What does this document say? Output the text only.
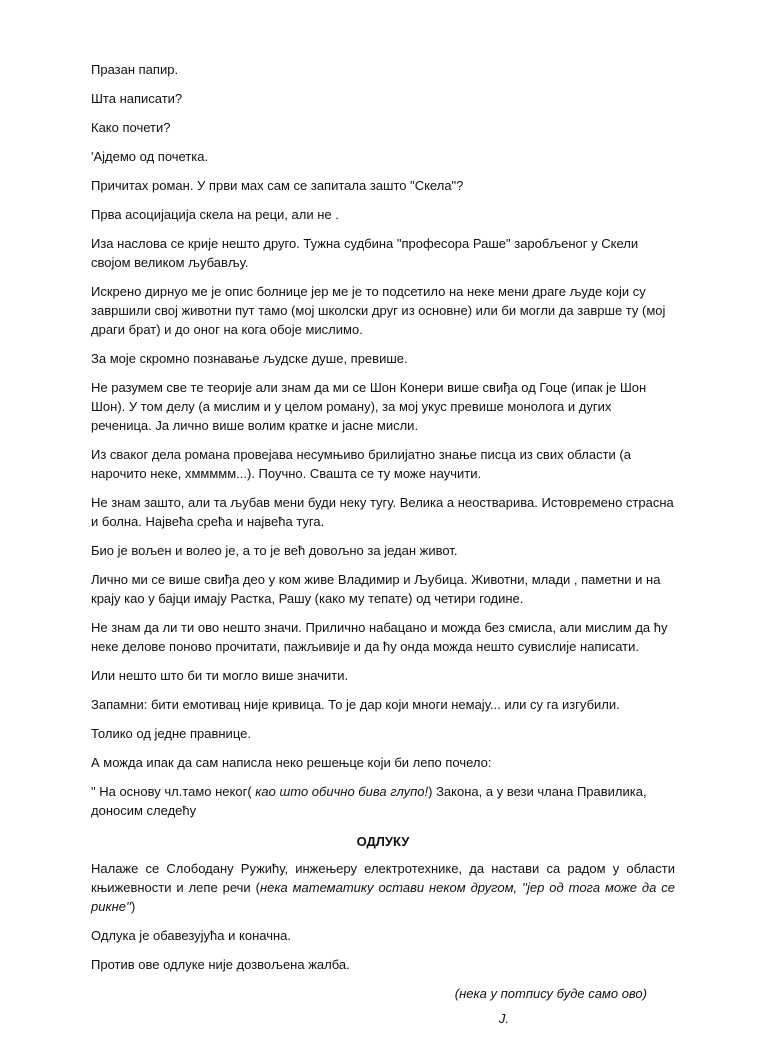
Празан папир.

Шта написати?

Како почети?

'Ајдемо од почетка.

Причитах роман. У први мах сам се запитала зашто "Скела"?

Прва асоцијација скела на реци, али не .

Иза наслова се крије нешто друго. Тужна судбина "професора Раше" заробљеног у Скели својом великом љубављу.

Искрено дирнуо ме је опис болнице јер ме је то подсетило на неке мени драге људе који су завршили свој животни пут тамо (мој школски друг из основне) или би могли да заврше ту (мој драги брат) и до оног на кога обоје мислимо.

За моје скромно познавање људске душе, превише.

Не разумем све те теорије али знам да ми се Шон Конери више свиђа од Гоце (ипак је Шон Шон). У том делу (а мислим и у целом роману), за мој укус превише монолога и дугих реченица. Ја лично више волим кратке и јасне мисли.

Из сваког дела романа провејава несумњиво брилијатно знање писца из свих области (а нарочито неке, хммммм...). Поучно. Свашта се ту може научити.

Не знам зашто, али та љубав мени буди неку тугу. Велика а неостварива. Истовремено страсна и болна. Највећа срећа и највећа туга.

Био је вољен и волео је, а то је већ довољно за један живот.

Лично ми се више свиђа део у ком живе Владимир и Љубица. Животни, млади , паметни и на крају као у бајци имају Растка, Рашу (како му тепате) од четири године.

Не знам да ли ти ово нешто значи. Прилично набацано и можда без смисла, али мислим да ћу неке делове поново прочитати, пажљивије и да ћу онда можда нешто сувислије написати.

Или нешто што би ти могло више значити.

Запамни: бити емотивац није кривица. То је дар који многи немају... или су га изгубили.

Толико од једне правнице.

А можда ипак да сам написла неко решењце који би лепо почело:

" На основу чл.тамо неког( као што обично бива глупо!) Закона, а у вези члана Правилика, доносим следећу

ОДЛУКУ

Налаже се Слободану Ружићу, инжењеру електротехнике, да настави са радом у области књижевности и лепе речи (нека математику остави неком другом, ''јер од тога може да се рикне'')

Одлука је обавезујућа и коначна.

Против ове одлуке није дозвољена жалба.

(нека у потпису буде само ово)

Ј.
